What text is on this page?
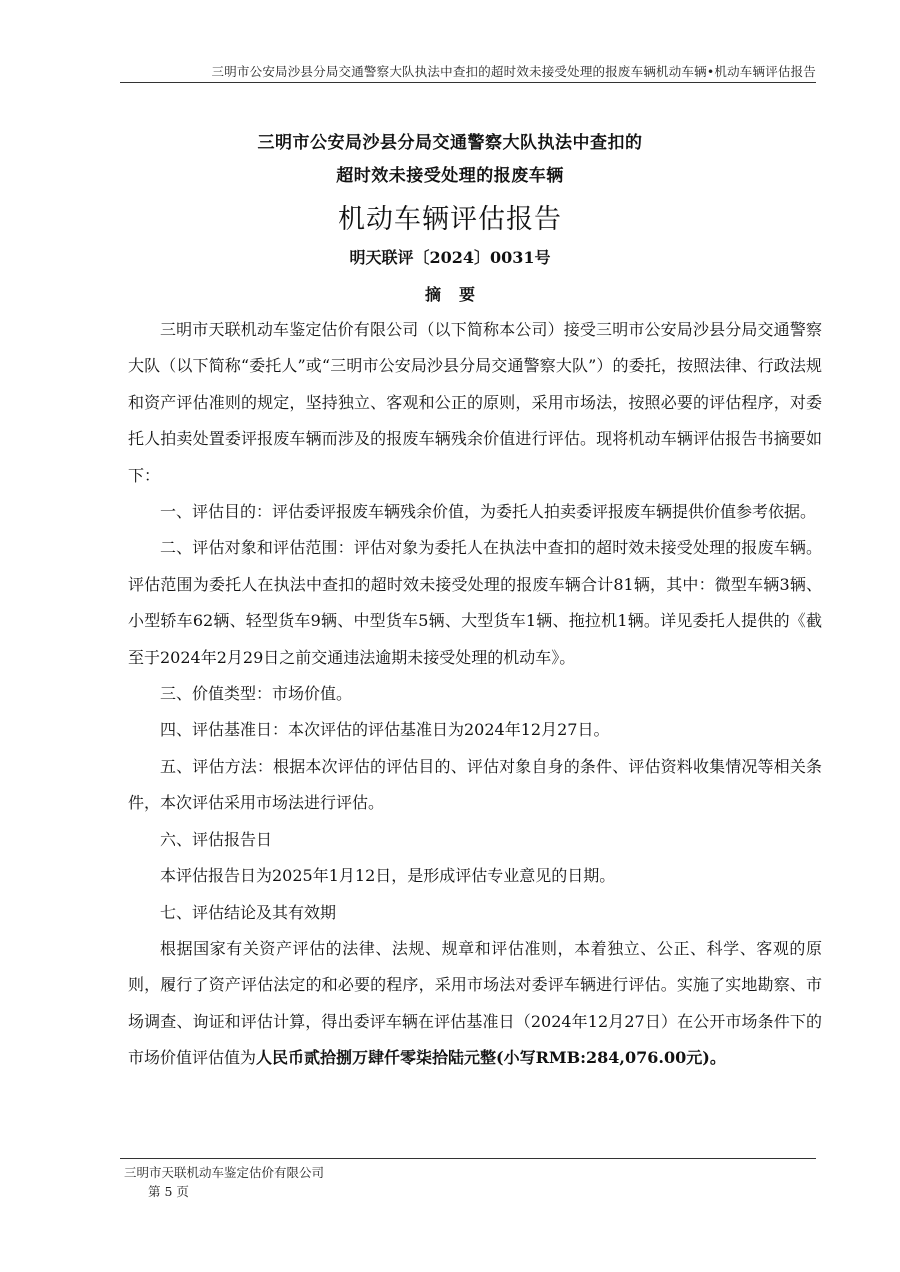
三明市公安局沙县分局交通警察大队执法中查扣的超时效未接受处理的报废车辆机动车辆•机动车辆评估报告
三明市公安局沙县分局交通警察大队执法中查扣的
超时效未接受处理的报废车辆
机动车辆评估报告
明天联评〔2024〕0031号
摘要

三明市天联机动车鉴定估价有限公司（以下简称本公司）接受三明市公安局沙县分局交通警察大队（以下简称“委托人”或“三明市公安局沙县分局交通警察大队”）的委托，按照法律、行政法规和资产评估准则的规定，坚持独立、客观和公正的原则，采用市场法，按照必要的评估程序，对委托人拍卖处置委评报废车辆而涉及的报废车辆残余价值进行评估。现将机动车辆评估报告书摘要如下：

一、评估目的：评估委评报废车辆残余价值，为委托人拍卖委评报废车辆提供价值参考依据。

二、评估对象和评估范围：评估对象为委托人在执法中查扣的超时效未接受处理的报废车辆。评估范围为委托人在执法中查扣的超时效未接受处理的报废车辆合计81辆，其中：微型车辆3辆、小型轿车62辆、轻型货车9辆、中型货车5辆、大型货车1辆、拖拉机1辆。详见委托人提供的《截至于2024年2月29日之前交通违法逾期未接受处理的机动车》。

三、价值类型：市场价值。

四、评估基准日：本次评估的评估基准日为2024年12月27日。

五、评估方法：根据本次评估的评估目的、评估对象自身的条件、评估资料收集情况等相关条件，本次评估采用市场法进行评估。

六、评估报告日

本评估报告日为2025年1月12日，是形成评估专业意见的日期。

七、评估结论及其有效期

根据国家有关资产评估的法律、法规、规章和评估准则，本着独立、公正、科学、客观的原则，履行了资产评估法定的和必要的程序，采用市场法对委评车辆进行评估。实施了实地勘察、市场调查、询证和评估计算，得出委评车辆在评估基准日（2024年12月27日）在公开市场条件下的市场价值评估值为人民币贰拾捌万肆仟零柒拾陆元整(小写RMB:284,076.00元)。

三明市天联机动车鉴定估价有限公司
第 5 页
